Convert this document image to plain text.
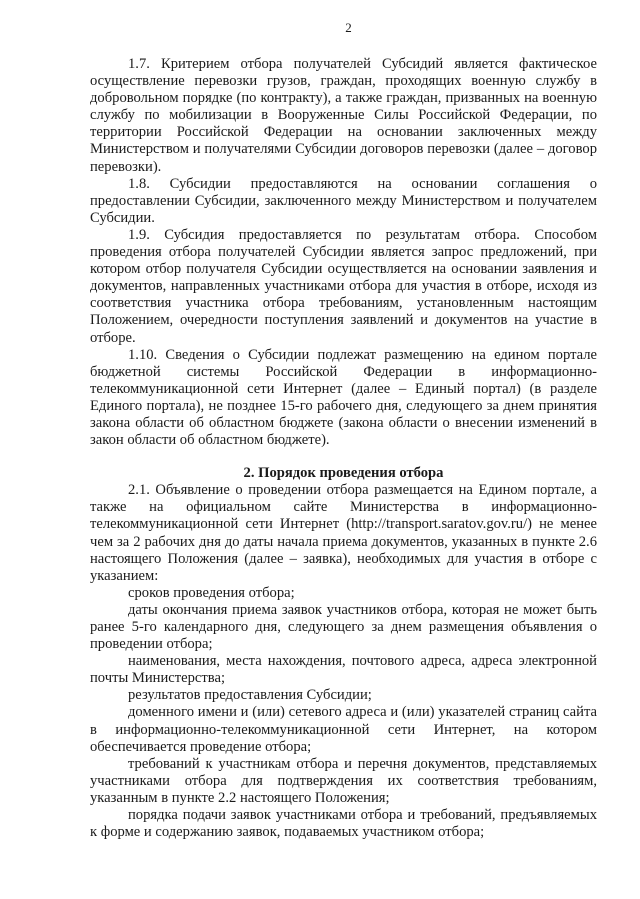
2

1.7. Критерием отбора получателей Субсидий является фактическое осуществление перевозки грузов, граждан, проходящих военную службу в добровольном порядке (по контракту), а также граждан, призванных на военную службу по мобилизации в Вооруженные Силы Российской Федерации, по территории Российской Федерации на основании заключенных между Министерством и получателями Субсидии договоров перевозки (далее – договор перевозки).

1.8. Субсидии предоставляются на основании соглашения о предоставлении Субсидии, заключенного между Министерством и получателем Субсидии.

1.9. Субсидия предоставляется по результатам отбора. Способом проведения отбора получателей Субсидии является запрос предложений, при котором отбор получателя Субсидии осуществляется на основании заявления и документов, направленных участниками отбора для участия в отборе, исходя из соответствия участника отбора требованиям, установленным настоящим Положением, очередности поступления заявлений и документов на участие в отборе.

1.10. Сведения о Субсидии подлежат размещению на едином портале бюджетной системы Российской Федерации в информационно-телекоммуникационной сети Интернет (далее – Единый портал) (в разделе Единого портала), не позднее 15-го рабочего дня, следующего за днем принятия закона области об областном бюджете (закона области о внесении изменений в закон области об областном бюджете).

2. Порядок проведения отбора

2.1. Объявление о проведении отбора размещается на Едином портале, а также на официальном сайте Министерства в информационно-телекоммуникационной сети Интернет (http://transport.saratov.gov.ru/) не менее чем за 2 рабочих дня до даты начала приема документов, указанных в пункте 2.6 настоящего Положения (далее – заявка), необходимых для участия в отборе с указанием:

сроков проведения отбора;

даты окончания приема заявок участников отбора, которая не может быть ранее 5-го календарного дня, следующего за днем размещения объявления о проведении отбора;

наименования, места нахождения, почтового адреса, адреса электронной почты Министерства;

результатов предоставления Субсидии;

доменного имени и (или) сетевого адреса и (или) указателей страниц сайта в информационно-телекоммуникационной сети Интернет, на котором обеспечивается проведение отбора;

требований к участникам отбора и перечня документов, представляемых участниками отбора для подтверждения их соответствия требованиям, указанным в пункте 2.2 настоящего Положения;

порядка подачи заявок участниками отбора и требований, предъявляемых к форме и содержанию заявок, подаваемых участником отбора;
